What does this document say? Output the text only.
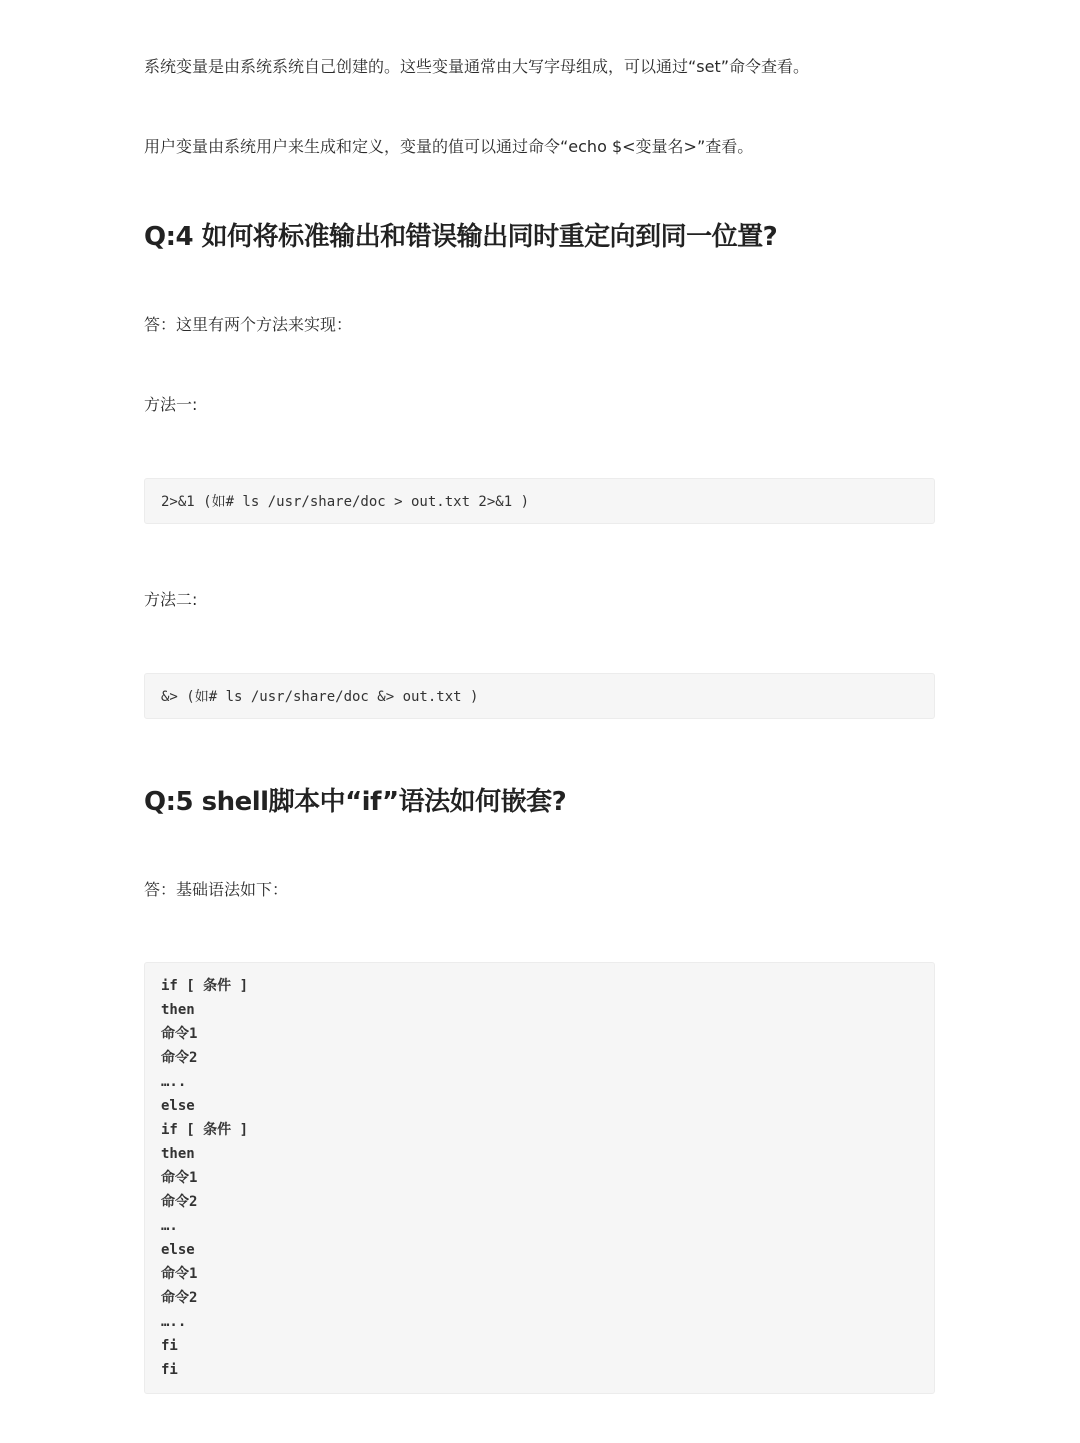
系统变量是由系统系统自己创建的。这些变量通常由大写字母组成，可以通过“set”命令查看。

用户变量由系统用户来生成和定义，变量的值可以通过命令“echo $<变量名>”查看。

Q:4 如何将标准输出和错误输出同时重定向到同一位置?

答：这里有两个方法来实现：

方法一:

2>&1 (如# ls /usr/share/doc > out.txt 2>&1 )

方法二:

&> (如# ls /usr/share/doc &> out.txt )
Q:5 shell脚本中“if”语法如何嵌套?

答：基础语法如下：

if [ 条件 ]
then
命令1
命令2
…..
else
if [ 条件 ]
then
命令1
命令2
….
else
命令1
命令2
…..
fi
fi
